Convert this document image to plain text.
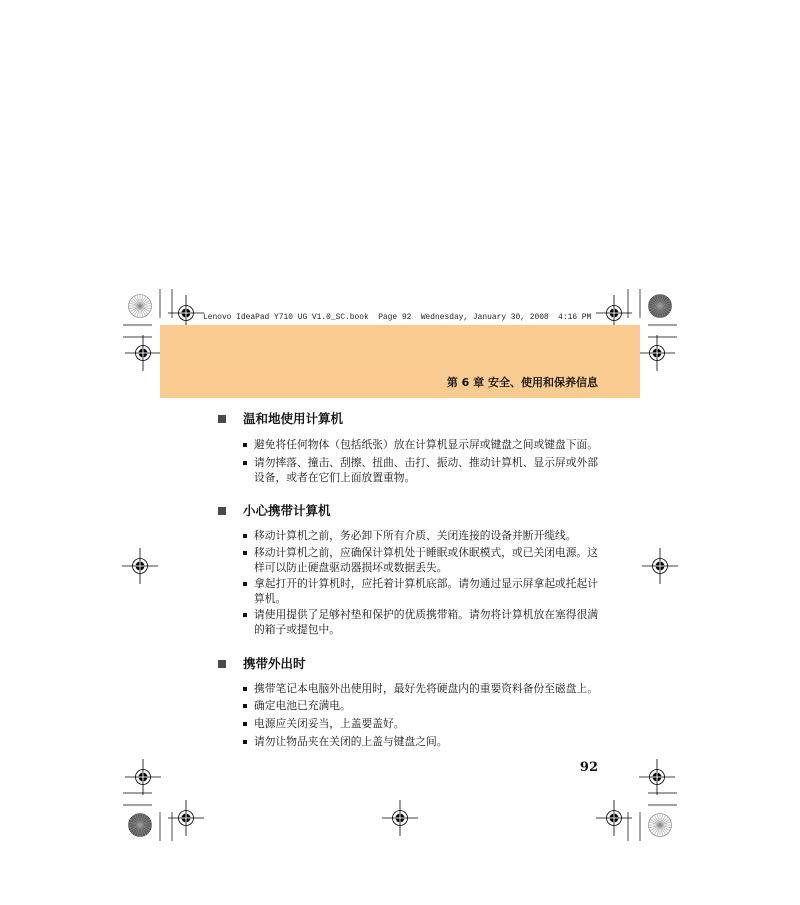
Lenovo IdeaPad Y710 UG V1.0_SC.book  Page 92  Wednesday, January 30, 2008  4:16 PM
第 6 章 安全、使用和保养信息
温和地使用计算机
避免将任何物体（包括纸张）放在计算机显示屏或键盘之间或键盘下面。
请勿摔落、撞击、刮擦、扭曲、击打、振动、推动计算机、显示屏或外部
设备，或者在它们上面放置重物。
小心携带计算机
移动计算机之前，务必卸下所有介质、关闭连接的设备并断开缆线。
移动计算机之前，应确保计算机处于睡眠或休眠模式，或已关闭电源。这
样可以防止硬盘驱动器损坏或数据丢失。
拿起打开的计算机时，应托着计算机底部。请勿通过显示屏拿起或托起计
算机。
请使用提供了足够衬垫和保护的优质携带箱。请勿将计算机放在塞得很满
的箱子或提包中。
携带外出时
携带笔记本电脑外出使用时，最好先将硬盘内的重要资料备份至磁盘上。
确定电池已充满电。
电源应关闭妥当，上盖要盖好。
请勿让物品夹在关闭的上盖与键盘之间。
92
